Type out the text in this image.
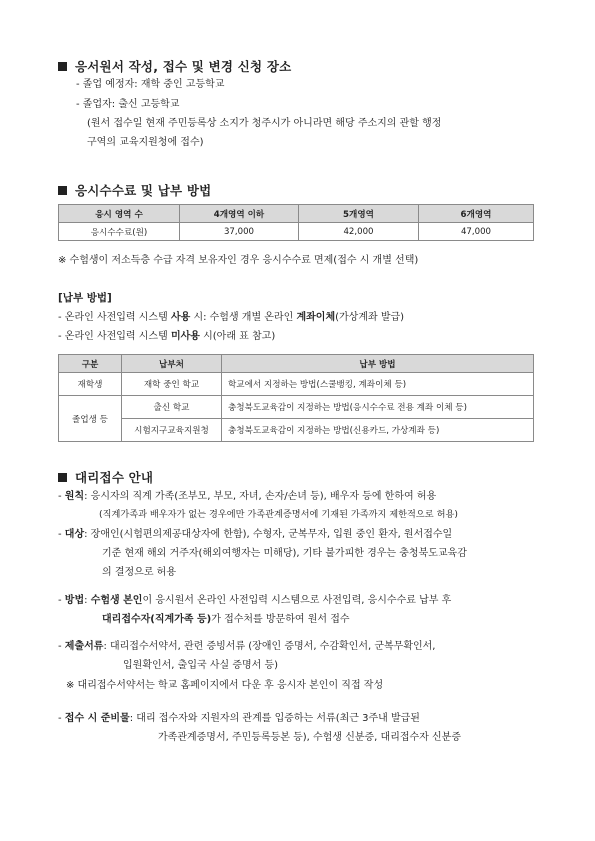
응서원서 작성, 접수 및 변경 신청 장소
- 졸업 예정자: 재학 중인 고등학교
- 졸업자: 출신 고등학교
(원서 접수일 현재 주민등록상 소지가 청주시가 아니라면 해당 주소지의 관할 행정
구역의 교육지원청에 접수)
응시수수료 및 납부 방법
응시 영역 수	4개영역 이하	5개영역	6개영역
응시수수료(원)	37,000	42,000	47,000
※ 수험생이 저소득층 수급 자격 보유자인 경우 응시수수료 면제(접수 시 개별 선택)
[납부 방법]
- 온라인 사전입력 시스템 사용 시: 수험생 개별 온라인 계좌이체(가상계좌 발급)
- 온라인 사전입력 시스템 미사용 시(아래 표 참고)
구분	납부처	납부 방법
재학생	재학 중인 학교	학교에서 지정하는 방법(스쿨뱅킹, 계좌이체 등)
졸업생 등	출신 학교	충청북도교육감이 지정하는 방법(응시수수료 전용 계좌 이체 등)
	시험지구교육지원청	충청북도교육감이 지정하는 방법(신용카드, 가상계좌 등)
대리접수 안내
- 원칙: 응시자의 직계 가족(조부모, 부모, 자녀, 손자/손녀 등), 배우자 등에 한하여 허용
(직계가족과 배우자가 없는 경우에만 가족관계증명서에 기재된 가족까지 제한적으로 허용)
- 대상: 장애인(시험편의제공대상자에 한함), 수형자, 군복무자, 입원 중인 환자, 원서접수일
기준 현재 해외 거주자(해외여행자는 미해당), 기타 불가피한 경우는 충청북도교육감
의 결정으로 허용
- 방법: 수험생 본인이 응시원서 온라인 사전입력 시스템으로 사전입력, 응시수수료 납부 후
대리접수자(직계가족 등)가 접수처를 방문하여 원서 접수
- 제출서류: 대리접수서약서, 관련 증빙서류 (장애인 증명서, 수감확인서, 군복무확인서,
입원확인서, 출입국 사실 증명서 등)
※ 대리접수서약서는 학교 홈페이지에서 다운 후 응시자 본인이 직접 작성
- 접수 시 준비물: 대리 접수자와 지원자의 관계를 입증하는 서류(최근 3주내 발급된
가족관계증명서, 주민등록등본 등), 수험생 신분증, 대리접수자 신분증
